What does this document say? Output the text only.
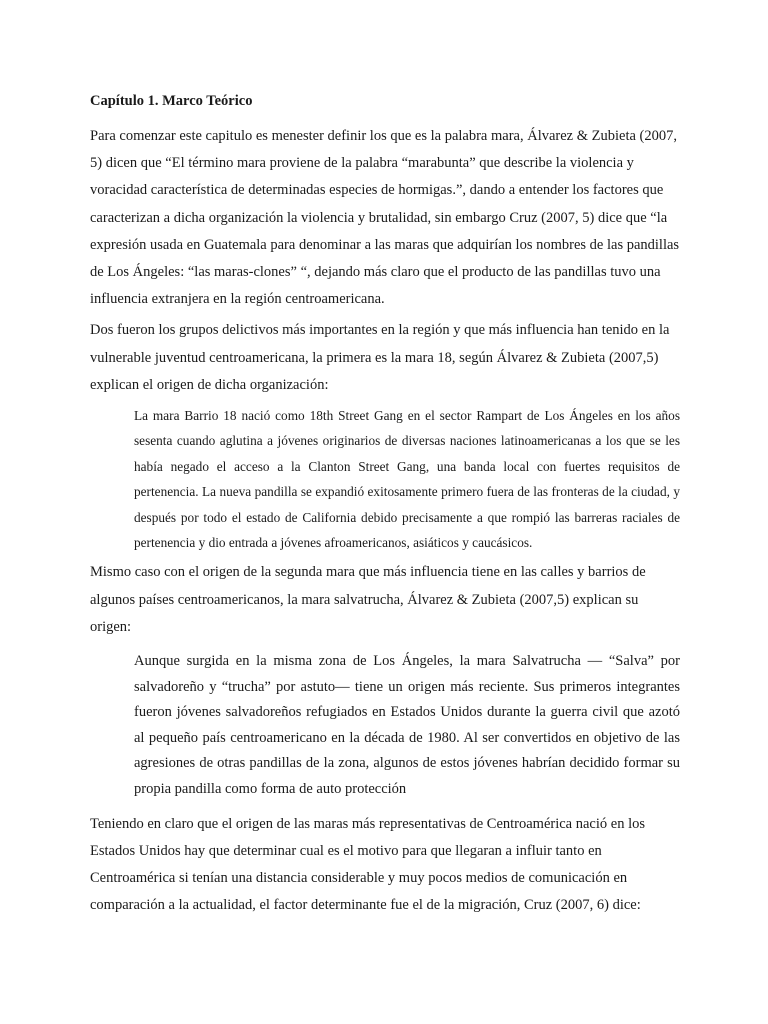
Capítulo 1. Marco Teórico

Para comenzar este capitulo es menester definir los que es la palabra mara, Álvarez & Zubieta (2007, 5) dicen que “El término mara proviene de la palabra “marabunta” que describe la violencia y voracidad característica de determinadas especies de hormigas.”, dando a entender los factores que caracterizan a dicha organización la violencia y brutalidad, sin embargo Cruz (2007, 5) dice que “la expresión usada en Guatemala para denominar a las maras que adquirían los nombres de las pandillas de Los Ángeles: “las maras-clones” “, dejando más claro que el producto de las pandillas tuvo una influencia extranjera en la región centroamericana.

Dos fueron los grupos delictivos más importantes en la región y que más influencia han tenido en la vulnerable juventud centroamericana, la primera es la mara 18, según Álvarez & Zubieta (2007,5) explican el origen de dicha organización:

La mara Barrio 18 nació como 18th Street Gang en el sector Rampart de Los Ángeles en los años sesenta cuando aglutina a jóvenes originarios de diversas naciones latinoamericanas a los que se les había negado el acceso a la Clanton Street Gang, una banda local con fuertes requisitos de pertenencia. La nueva pandilla se expandió exitosamente primero fuera de las fronteras de la ciudad, y después por todo el estado de California debido precisamente a que rompió las barreras raciales de pertenencia y dio entrada a jóvenes afroamericanos, asiáticos y caucásicos.

Mismo caso con el origen de la segunda mara que más influencia tiene en las calles y barrios de algunos países centroamericanos, la mara salvatrucha, Álvarez & Zubieta (2007,5) explican su origen:

Aunque surgida en la misma zona de Los Ángeles, la mara Salvatrucha — “Salva” por salvadoreño y “trucha” por astuto— tiene un origen más reciente. Sus primeros integrantes fueron jóvenes salvadoreños refugiados en Estados Unidos durante la guerra civil que azotó al pequeño país centroamericano en la década de 1980. Al ser convertidos en objetivo de las agresiones de otras pandillas de la zona, algunos de estos jóvenes habrían decidido formar su propia pandilla como forma de auto protección

Teniendo en claro que el origen de las maras más representativas de Centroamérica nació en los Estados Unidos hay que determinar cual es el motivo para que llegaran a influir tanto en Centroamérica si tenían una distancia considerable y muy pocos medios de comunicación en comparación a la actualidad, el factor determinante fue el de la migración, Cruz (2007, 6) dice:
